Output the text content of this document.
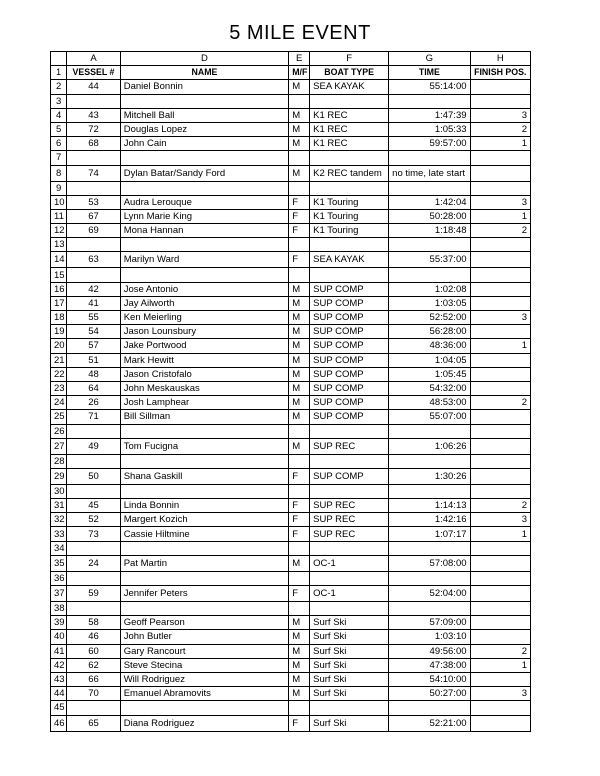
5 MILE EVENT
	A	D	E	F	G	H
1	VESSEL #	NAME	M/F	BOAT TYPE	TIME	FINISH POS.
2	44	Daniel Bonnin	M	SEA KAYAK	55:14:00	
3						
4	43	Mitchell Ball	M	K1 REC	1:47:39	3
5	72	Douglas Lopez	M	K1 REC	1:05:33	2
6	68	John Cain	M	K1 REC	59:57:00	1
7						
8	74	Dylan Batar/Sandy Ford	M	K2 REC tandem	no time, late start	
9						
10	53	Audra Lerouque	F	K1 Touring	1:42:04	3
11	67	Lynn Marie King	F	K1 Touring	50:28:00	1
12	69	Mona Hannan	F	K1 Touring	1:18:48	2
13						
14	63	Marilyn Ward	F	SEA KAYAK	55:37:00	
15						
16	42	Jose Antonio	M	SUP COMP	1:02:08	
17	41	Jay Ailworth	M	SUP COMP	1:03:05	
18	55	Ken Meierling	M	SUP COMP	52:52:00	3
19	54	Jason Lounsbury	M	SUP COMP	56:28:00	
20	57	Jake Portwood	M	SUP COMP	48:36:00	1
21	51	Mark Hewitt	M	SUP COMP	1:04:05	
22	48	Jason Cristofalo	M	SUP COMP	1:05:45	
23	64	John Meskauskas	M	SUP COMP	54:32:00	
24	26	Josh Lamphear	M	SUP COMP	48:53:00	2
25	71	Bill Sillman	M	SUP COMP	55:07:00	
26						
27	49	Tom Fucigna	M	SUP REC	1:06:26	
28						
29	50	Shana Gaskill	F	SUP COMP	1:30:26	
30						
31	45	Linda Bonnin	F	SUP REC	1:14:13	2
32	52	Margert Kozich	F	SUP REC	1:42:16	3
33	73	Cassie Hiltmine	F	SUP REC	1:07:17	1
34						
35	24	Pat Martin	M	OC-1	57:08:00	
36						
37	59	Jennifer Peters	F	OC-1	52:04:00	
38						
39	58	Geoff Pearson	M	Surf Ski	57:09:00	
40	46	John Butler	M	Surf Ski	1:03:10	
41	60	Gary Rancourt	M	Surf Ski	49:56:00	2
42	62	Steve Stecina	M	Surf Ski	47:38:00	1
43	66	Will Rodriguez	M	Surf Ski	54:10:00	
44	70	Emanuel Abramovits	M	Surf Ski	50:27:00	3
45						
46	65	Diana Rodriguez	F	Surf Ski	52:21:00	
